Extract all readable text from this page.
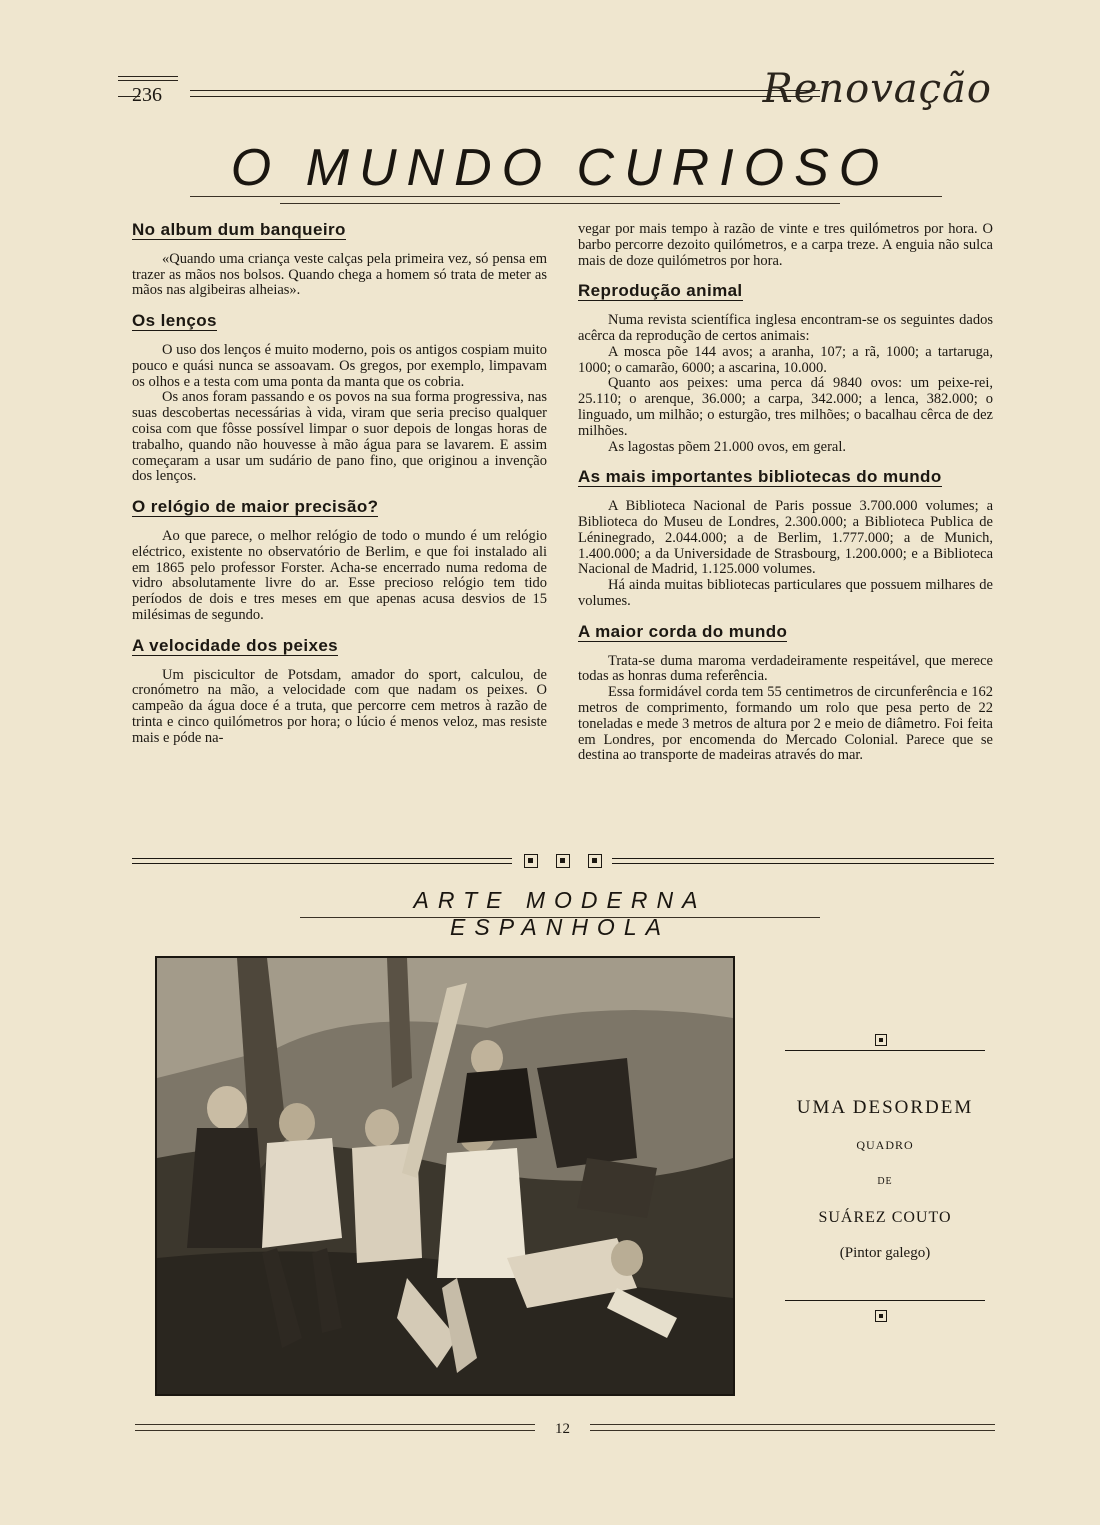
236	Renovação
O MUNDO CURIOSO
No album dum banqueiro

«Quando uma criança veste calças pela primeira vez, só pensa em trazer as mãos nos bolsos. Quando chega a homem só trata de meter as mãos nas algibeiras alheias».

Os lenços

O uso dos lenços é muito moderno, pois os antigos cospiam muito pouco e quási nunca se assoavam. Os gregos, por exemplo, limpavam os olhos e a testa com uma ponta da manta que os cobria.

Os anos foram passando e os povos na sua forma progressiva, nas suas descobertas necessárias à vida, viram que seria preciso qualquer coisa com que fôsse possível limpar o suor depois de longas horas de trabalho, quando não houvesse à mão água para se lavarem. E assim começaram a usar um sudário de pano fino, que originou a invenção dos lenços.

O relógio de maior precisão?

Ao que parece, o melhor relógio de todo o mundo é um relógio eléctrico, existente no observatório de Berlim, e que foi instalado ali em 1865 pelo professor Forster. Acha-se encerrado numa redoma de vidro absolutamente livre do ar. Esse precioso relógio tem tido períodos de dois e tres meses em que apenas acusa desvios de 15 milésimas de segundo.

A velocidade dos peixes

Um piscicultor de Potsdam, amador do sport, calculou, de cronómetro na mão, a velocidade com que nadam os peixes. O campeão da água doce é a truta, que percorre cem metros à razão de trinta e cinco quilómetros por hora; o lúcio é menos veloz, mas resiste mais e póde na-

vegar por mais tempo à razão de vinte e tres quilómetros por hora. O barbo percorre dezoito quilómetros, e a carpa treze. A enguia não sulca mais de doze quilómetros por hora.

Reprodução animal

Numa revista scientífica inglesa encontram-se os seguintes dados acêrca da reprodução de certos animais:

A mosca põe 144 avos; a aranha, 107; a rã, 1000; a tartaruga, 1000; o camarão, 6000; a ascarina, 10.000.

Quanto aos peixes: uma perca dá 9840 ovos: um peixe-rei, 25.110; o arenque, 36.000; a carpa, 342.000; a lenca, 382.000; o linguado, um milhão; o esturgão, tres milhões; o bacalhau cêrca de dez milhões.

As lagostas põem 21.000 ovos, em geral.

As mais importantes bibliotecas do mundo

A Biblioteca Nacional de Paris possue 3.700.000 volumes; a Biblioteca do Museu de Londres, 2.300.000; a Biblioteca Publica de Léninegrado, 2.044.000; a de Berlim, 1.777.000; a de Munich, 1.400.000; a da Universidade de Strasbourg, 1.200.000; e a Biblioteca Nacional de Madrid, 1.125.000 volumes.

Há ainda muitas bibliotecas particulares que possuem milhares de volumes.

A maior corda do mundo

Trata-se duma maroma verdadeiramente respeitável, que merece todas as honras duma referência.

Essa formidável corda tem 55 centimetros de circunferência e 162 metros de comprimento, formando um rolo que pesa perto de 22 toneladas e mede 3 metros de altura por 2 e meio de diâmetro. Foi feita em Londres, por encomenda do Mercado Colonial. Parece que se destina ao transporte de madeiras através do mar.

ARTE MODERNA ESPANHOLA
UMA DESORDEM
QUADRO
DE
SUÁREZ COUTO
(Pintor galego)
12
